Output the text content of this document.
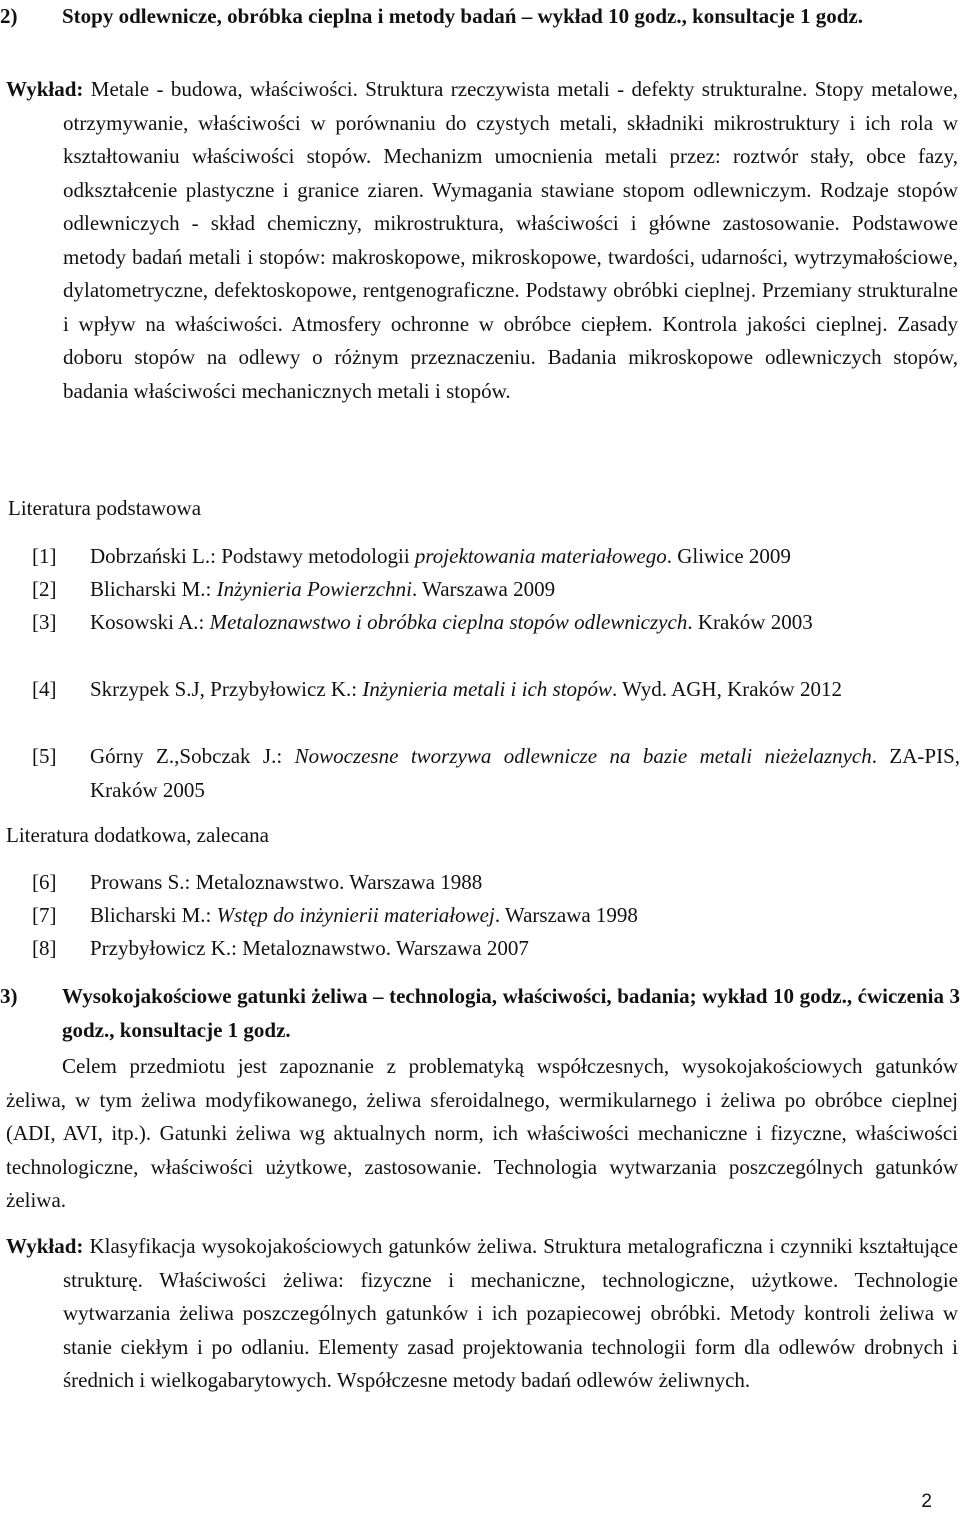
2) Stopy odlewnicze, obróbka cieplna i metody badań – wykład 10 godz., konsultacje 1 godz.
Wykład: Metale - budowa, właściwości. Struktura rzeczywista metali - defekty strukturalne. Stopy metalowe, otrzymywanie, właściwości w porównaniu do czystych metali, składniki mikrostruktury i ich rola w kształtowaniu właściwości stopów. Mechanizm umocnienia metali przez: roztwór stały, obce fazy, odkształcenie plastyczne i granice ziaren. Wymagania stawiane stopom odlewniczym. Rodzaje stopów odlewniczych - skład chemiczny, mikrostruktura, właściwości i główne zastosowanie. Podstawowe metody badań metali i stopów: makroskopowe, mikroskopowe, twardości, udarności, wytrzymałościowe, dylatometryczne, defektoskopowe, rentgenograficzne. Podstawy obróbki cieplnej. Przemiany strukturalne i wpływ na właściwości. Atmosfery ochronne w obróbce ciepłem. Kontrola jakości cieplnej. Zasady doboru stopów na odlewy o różnym przeznaczeniu. Badania mikroskopowe odlewniczych stopów, badania właściwości mechanicznych metali i stopów.
Literatura podstawowa
[1] Dobrzański L.: Podstawy metodologii projektowania materiałowego. Gliwice 2009
[2] Blicharski M.: Inżynieria Powierzchni. Warszawa 2009
[3] Kosowski A.: Metaloznawstwo i obróbka cieplna stopów odlewniczych. Kraków 2003
[4] Skrzypek S.J, Przybyłowicz K.: Inżynieria metali i ich stopów. Wyd. AGH, Kraków 2012
[5] Górny Z.,Sobczak J.: Nowoczesne tworzywa odlewnicze na bazie metali nieżelaznych. ZA-PIS, Kraków 2005
Literatura dodatkowa, zalecana
[6] Prowans S.: Metaloznawstwo. Warszawa 1988
[7] Blicharski M.: Wstęp do inżynierii materiałowej. Warszawa 1998
[8] Przybyłowicz K.: Metaloznawstwo. Warszawa 2007
3) Wysokojakościowe gatunki żeliwa – technologia, właściwości, badania; wykład 10 godz., ćwiczenia 3 godz., konsultacje 1 godz.
Celem przedmiotu jest zapoznanie z problematyką współczesnych, wysokojakościowych gatunków żeliwa, w tym żeliwa modyfikowanego, żeliwa sferoidalnego, wermikularnego i żeliwa po obróbce cieplnej (ADI, AVI, itp.). Gatunki żeliwa wg aktualnych norm, ich właściwości mechaniczne i fizyczne, właściwości technologiczne, właściwości użytkowe, zastosowanie. Technologia wytwarzania poszczególnych gatunków żeliwa.
Wykład: Klasyfikacja wysokojakościowych gatunków żeliwa. Struktura metalograficzna i czynniki kształtujące strukturę. Właściwości żeliwa: fizyczne i mechaniczne, technologiczne, użytkowe. Technologie wytwarzania żeliwa poszczególnych gatunków i ich pozapiecowej obróbki. Metody kontroli żeliwa w stanie ciekłym i po odlaniu. Elementy zasad projektowania technologii form dla odlewów drobnych i średnich i wielkogabarytowych. Współczesne metody badań odlewów żeliwnych.
2
